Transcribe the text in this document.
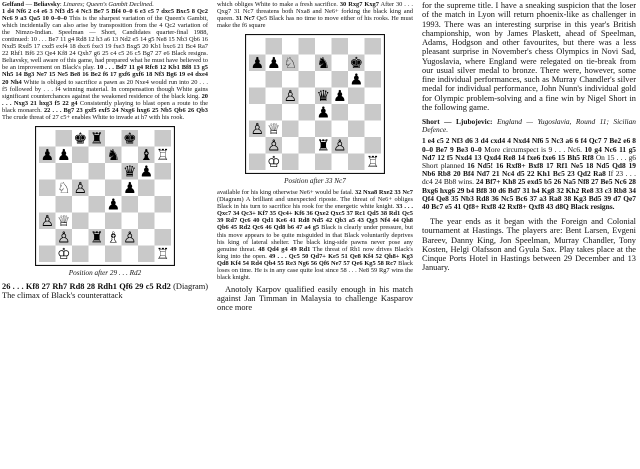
Gelfand — Beliavsky: Linares; Queen's Gambit Declined.

1 d4 Nf6 2 c4 e6 3 Nf3 d5 4 Nc3 Be7 5 Bf4 0–0 6 e3 c5 7 dxc5 Bxc5 8 Qc2 Nc6 9 a3 Qa5 10 0–0–0 This is the sharpest variation of the Queen's Gambit, which incidentally can also arise by transposition from the 4 Qc2 variation of the Nimzo-Indian. Speelman — Short, Candidates quarter-final 1988, continued: 10 . . . Be7 11 g4 Rd8 12 h3 a6 13 Nd2 e5 14 g5 Ne8 15 Nb3 Qb6 16 Nxd5 Rxd5 17 cxd5 exf4 18 dxc6 fxe3 19 fxe3 Bxg5 20 Kb1 bxc6 21 Bc4 Ra7 22 Rhf1 Bf6 23 Qe4 Kf8 24 Qxh7 g6 25 c4 c5 26 c5 Bg7 27 e6 Black resigns. Beliavsky, well aware of this game, had prepared what he must have believed to be an improvement on Black's play. 10 . . . Bd7 11 g4 Rfc8 12 Kb1 Bf8 13 g5 Nh5 14 Bg3 Ne7 15 Ne5 Be8 16 Be2 f6 17 gxf6 gxf6 18 Nf3 Bg6 19 e4 dxe4 20 Nh4 White is obliged to sacrifice a pawn as 20 Nxe4 would run into 20 . . . f5 followed by . . . f4 winning material. In compensation though White gains significant counterchances against the weakened residence of the black king. 20 . . . Nxg3 21 hxg3 f5 22 g4 Consistently playing to blast open a route to the black monarch. 22 . . . Bg7 23 gxf5 exf5 24 Nxg6 hxg6 25 Nb5 Qb6 26 Qb3 The crude threat of 27 c5+ enables White to invade at h7 with his rook.

♚ ♜ ♚
♟ ♟ ♞ ♝ ♖
♛ ♟
♘ ♙ ♟
♟
♙ ♕
♙ ♜ ♗ ♙
♔	♖
Position after 29 . . . Rd2

26 . . . Kf8 27 Rh7 Rd8 28 Rdh1 Qf6 29 c5 Rd2 (Diagram) The climax of Black's counterattack

which obliges White to make a fresh sacrifice. 30 Rxg7 Kxg7 After 30 . . . Qxg7 31 Nc7 threatens both Nxa8 and Ne6+ forking the black king and queen. 31 Nc7 Qe5 Black has no time to move either of his rooks. He must make the f6 square

♟ ♘ ♞ ♚
♟
♟
♙ ♛ ♟
♟
♙ ♕
♙ ♜ ♙
♔	♖
Position after 33 Nc7

available for his king otherwise Ne6+ would be fatal. 32 Nxa8 Rxe2 33 Nc7 (Diagram) A brilliant and unexpected riposte. The threat of Ne6+ obliges Black in his turn to sacrifice his rook for the energetic white knight. 33 . . . Qxc7 34 Qc3+ Kf7 35 Qc4+ Kf6 36 Qxe2 Qxc5 37 Rc1 Qd5 38 Rd1 Qc5 39 Rd7 Qc6 40 Qd1 Ke6 41 Rd8 Nd5 42 Qb3 a5 43 Qg3 Nf4 44 Qh8 Qb6 45 Rd2 Qc6 46 Qd8 b6 47 a4 g5 Black is clearly under pressure, but this move appears to be quite misguided in that Black voluntarily deprives his king of lateral shelter. The black king-side pawns never pose any genuine threat. 48 Qd4 g4 49 Rd1 The threat of Rh1 now drives Black's king into the open. 49 . . . Qc5 50 Qd7+ Ke5 51 Qe8 Kf4 52 Qh8+ Kg3 Qd8 Kf4 54 Rd4 Qb4 55 Re3 Ng6 56 Qf6 Ne7 57 Qe6 Kg5 58 Rc7 Black loses on time. He is in any case quite lost since 58 . . . Ne8 59 Rg7 wins the black knight.

Anotoly Karpov qualified easily enough in his match against Jan Timman in Malaysia to challenge Kasparov once more

for the supreme title. I have a sneaking suspicion that the loser of the match in Lyon will return phoenix-like as challenger in 1993. There was an interesting surprise in this year's British championship, won by James Plaskett, ahead of Speelman, Adams, Hodgson and other favourites, but there was a less pleasant surprise in November's chess Olympics in Novi Sad, Yugoslavia, where England were relegated on tie-break from our usual silver medal to bronze. There were, however, some fine individual performances, such as Murray Chandler's silver medal for individual performance, John Nunn's individual gold for Olympic problem-solving and a fine win by Nigel Short in the following game.

Short — Ljubojevic: England — Yugoslavia, Round 11; Sicilian Defence.

1 e4 c5 2 Nf3 d6 3 d4 cxd4 4 Nxd4 Nf6 5 Nc3 a6 6 f4 Qc7 7 Be2 e6 8 0–0 Be7 9 Be3 0–0 More circumspect is 9 . . . Nc6. 10 g4 Nc6 11 g5 Nd7 12 f5 Nxd4 13 Qxd4 Re8 14 fxe6 fxe6 15 Bh5 Rf8 On 15 . . . g6 Short planned 16 Nd5! 16 Rxf8+ Bxf8 17 Rf1 Ne5 18 Nd5 Qd8 19 Nb6 Rb8 20 Bf4 Nd7 21 Nc4 d5 22 Kh1 Bc5 23 Qd2 Ra8 If 23 . . . dc4 24 Bb8 wins. 24 Bf7+ Kh8 25 exd5 b5 26 Na5 Nf8 27 Be5 Nc6 28 Bxg6 hxg6 29 b4 Bf8 30 d6 Bd7 31 h4 Kg8 32 Kh2 Re8 33 c3 Rb8 34 Qf4 Qe8 35 Nb3 Rd8 36 Nc5 Bc6 37 a3 Ra8 38 Kg3 Bd5 39 d7 Qe7 40 Bc7 e5 41 Qf8+ Rxf8 42 Rxf8+ Qxf8 43 d8Q Black resigns.

The year ends as it began with the Foreign and Colonial tournament at Hastings. The players are: Bent Larsen, Evgeni Bareev, Danny King, Jon Speelman, Murray Chandler, Tony Kosten, Helgi Olafsson and Gyula Sax. Play takes place at the Cinque Ports Hotel in Hastings between 29 December and 13 January.
